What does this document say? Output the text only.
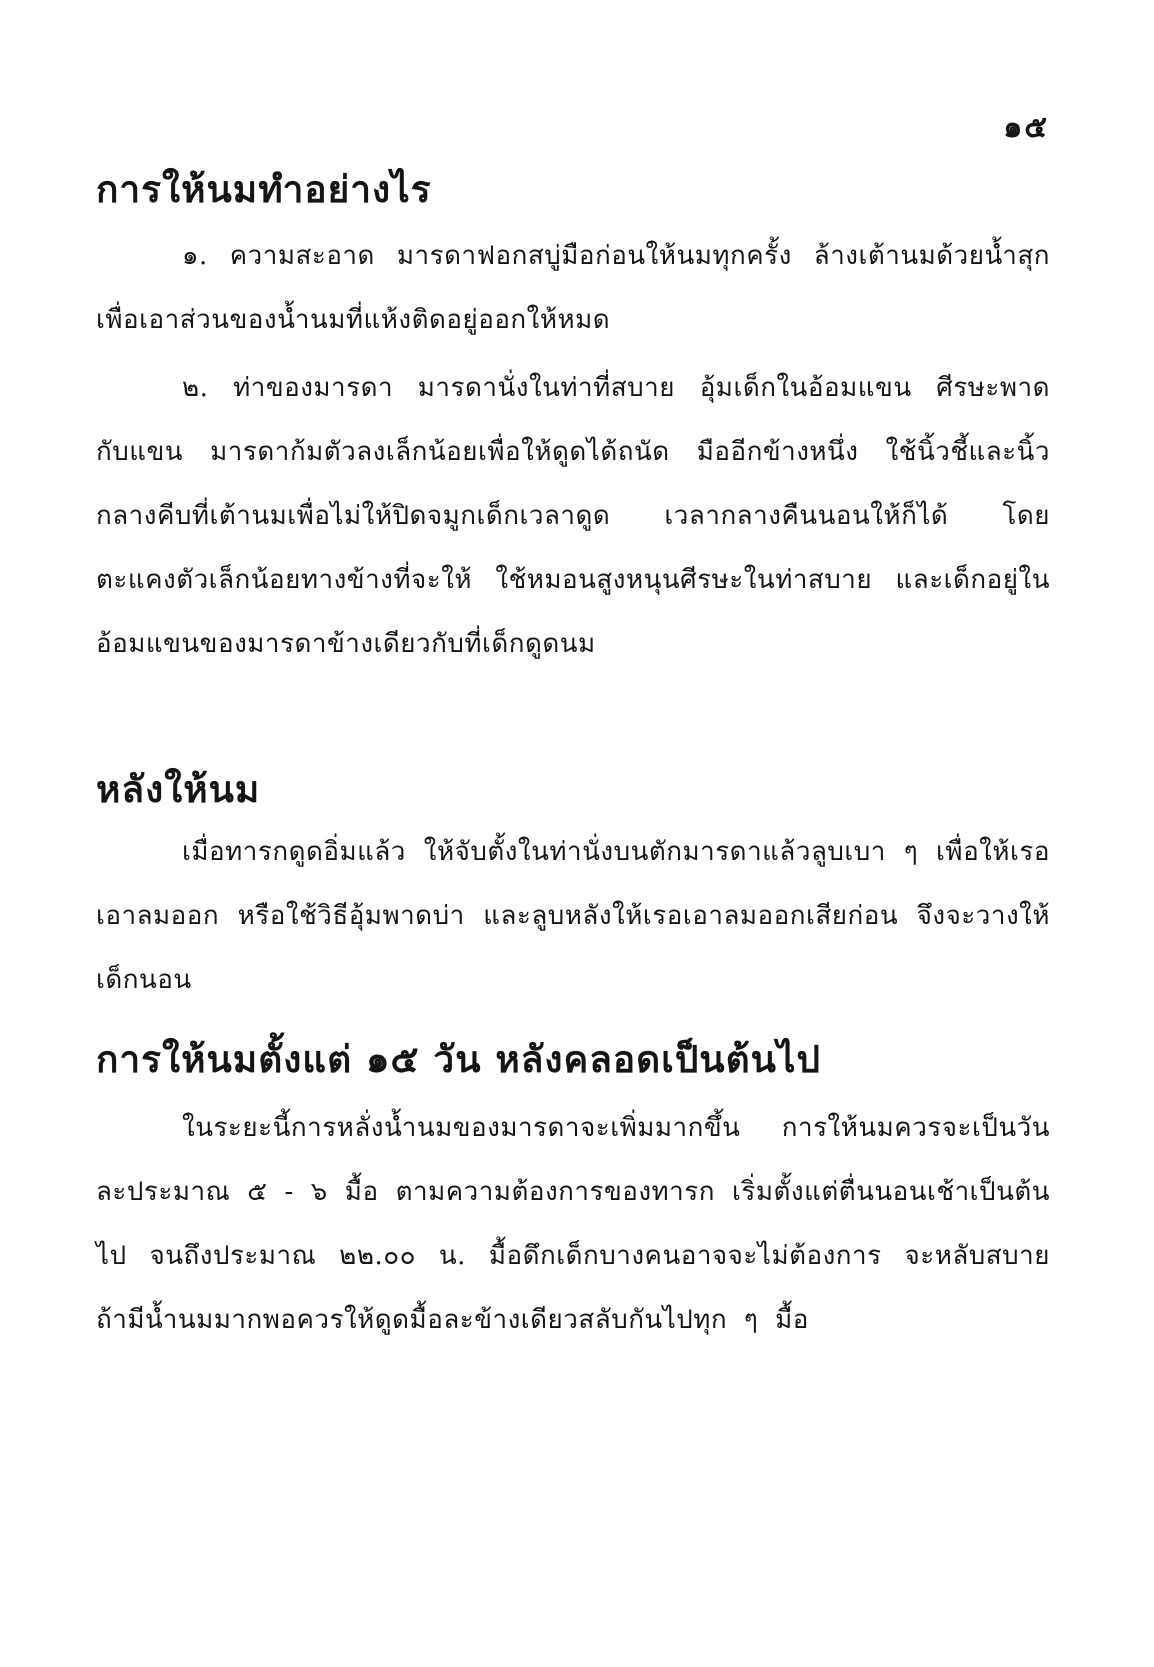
๑๕
การให้นมทำอย่างไร

๑. ความสะอาด มารดาฟอกสบู่มือก่อนให้นมทุกครั้ง ล้างเต้านมด้วยน้ำสุก เพื่อเอาส่วนของน้ำนมที่แห้งติดอยู่ออกให้หมด

๒. ท่าของมารดา มารดานั่งในท่าที่สบาย อุ้มเด็กในอ้อมแขน ศีรษะพาดกับแขน มารดาก้มตัวลงเล็กน้อยเพื่อให้ดูดได้ถนัด มืออีกข้างหนึ่ง ใช้นิ้วชี้และนิ้วกลางคีบที่เต้านมเพื่อไม่ให้ปิดจมูกเด็กเวลาดูด เวลากลางคืนนอนให้ก็ได้ โดยตะแคงตัวเล็กน้อยทางข้างที่จะให้ ใช้หมอนสูงหนุนศีรษะในท่าสบาย และเด็กอยู่ในอ้อมแขนของมารดาข้างเดียวกับที่เด็กดูดนม

หลังให้นม

เมื่อทารกดูดอิ่มแล้ว ให้จับตั้งในท่านั่งบนตักมารดาแล้วลูบเบา ๆ เพื่อให้เรอเอาลมออก หรือใช้วิธีอุ้มพาดบ่า และลูบหลังให้เรอเอาลมออกเสียก่อน จึงจะวางให้เด็กนอน

การให้นมตั้งแต่ ๑๕ วัน หลังคลอดเป็นต้นไป

ในระยะนี้การหลั่งน้ำนมของมารดาจะเพิ่มมากขึ้น การให้นมควรจะเป็นวันละประมาณ ๕ - ๖ มื้อ ตามความต้องการของทารก เริ่มตั้งแต่ตื่นนอนเช้าเป็นต้นไป จนถึงประมาณ ๒๒.๐๐ น. มื้อดึกเด็กบางคนอาจจะไม่ต้องการ จะหลับสบาย ถ้ามีน้ำนมมากพอควรให้ดูดมื้อละข้างเดียวสลับกันไปทุก ๆ มื้อ
